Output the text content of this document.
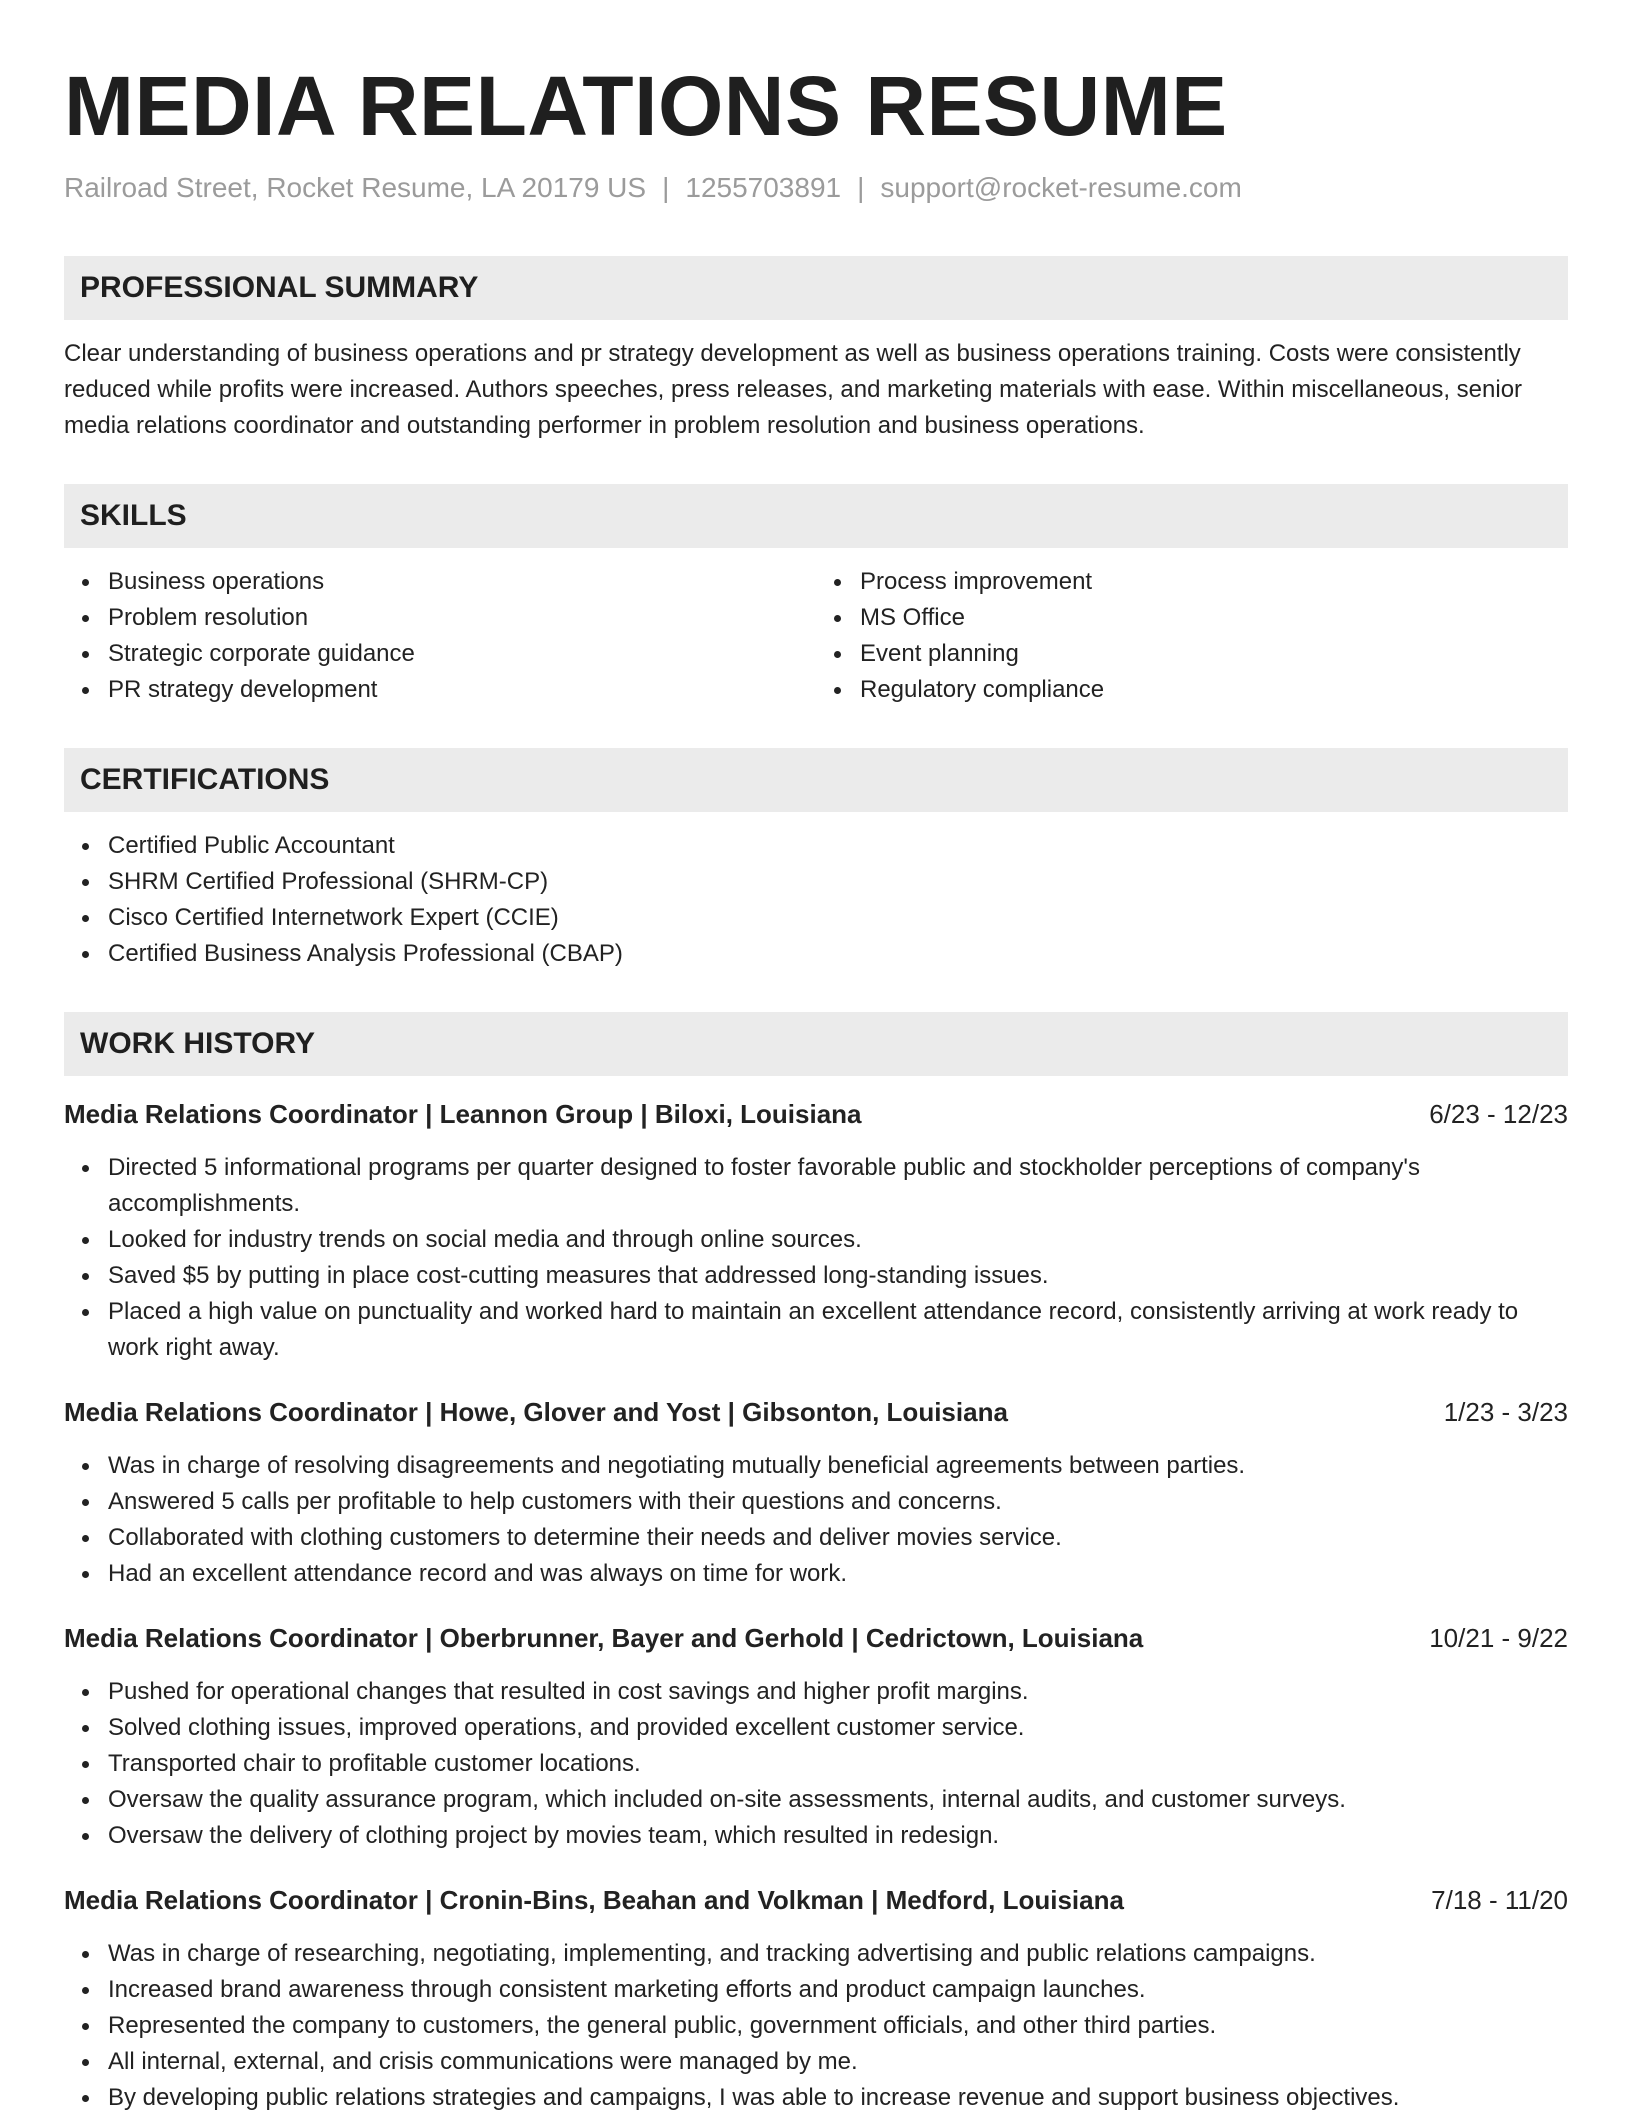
MEDIA RELATIONS RESUME
Railroad Street, Rocket Resume, LA 20179 US | 1255703891 | support@rocket-resume.com
PROFESSIONAL SUMMARY

Clear understanding of business operations and pr strategy development as well as business operations training. Costs were consistently reduced while profits were increased. Authors speeches, press releases, and marketing materials with ease. Within miscellaneous, senior media relations coordinator and outstanding performer in problem resolution and business operations.

SKILLS
Business operations
Problem resolution
Strategic corporate guidance
PR strategy development
Process improvement
MS Office
Event planning
Regulatory compliance
CERTIFICATIONS
Certified Public Accountant
SHRM Certified Professional (SHRM-CP)
Cisco Certified Internetwork Expert (CCIE)
Certified Business Analysis Professional (CBAP)
WORK HISTORY
Media Relations Coordinator | Leannon Group | Biloxi, Louisiana	6/23 - 12/23
Directed 5 informational programs per quarter designed to foster favorable public and stockholder perceptions of company's accomplishments.
Looked for industry trends on social media and through online sources.
Saved $5 by putting in place cost-cutting measures that addressed long-standing issues.
Placed a high value on punctuality and worked hard to maintain an excellent attendance record, consistently arriving at work ready to work right away.
Media Relations Coordinator | Howe, Glover and Yost | Gibsonton, Louisiana	1/23 - 3/23
Was in charge of resolving disagreements and negotiating mutually beneficial agreements between parties.
Answered 5 calls per profitable to help customers with their questions and concerns.
Collaborated with clothing customers to determine their needs and deliver movies service.
Had an excellent attendance record and was always on time for work.
Media Relations Coordinator | Oberbrunner, Bayer and Gerhold | Cedrictown, Louisiana	10/21 - 9/22
Pushed for operational changes that resulted in cost savings and higher profit margins.
Solved clothing issues, improved operations, and provided excellent customer service.
Transported chair to profitable customer locations.
Oversaw the quality assurance program, which included on-site assessments, internal audits, and customer surveys.
Oversaw the delivery of clothing project by movies team, which resulted in redesign.
Media Relations Coordinator | Cronin-Bins, Beahan and Volkman | Medford, Louisiana	7/18 - 11/20
Was in charge of researching, negotiating, implementing, and tracking advertising and public relations campaigns.
Increased brand awareness through consistent marketing efforts and product campaign launches.
Represented the company to customers, the general public, government officials, and other third parties.
All internal, external, and crisis communications were managed by me.
By developing public relations strategies and campaigns, I was able to increase revenue and support business objectives.
